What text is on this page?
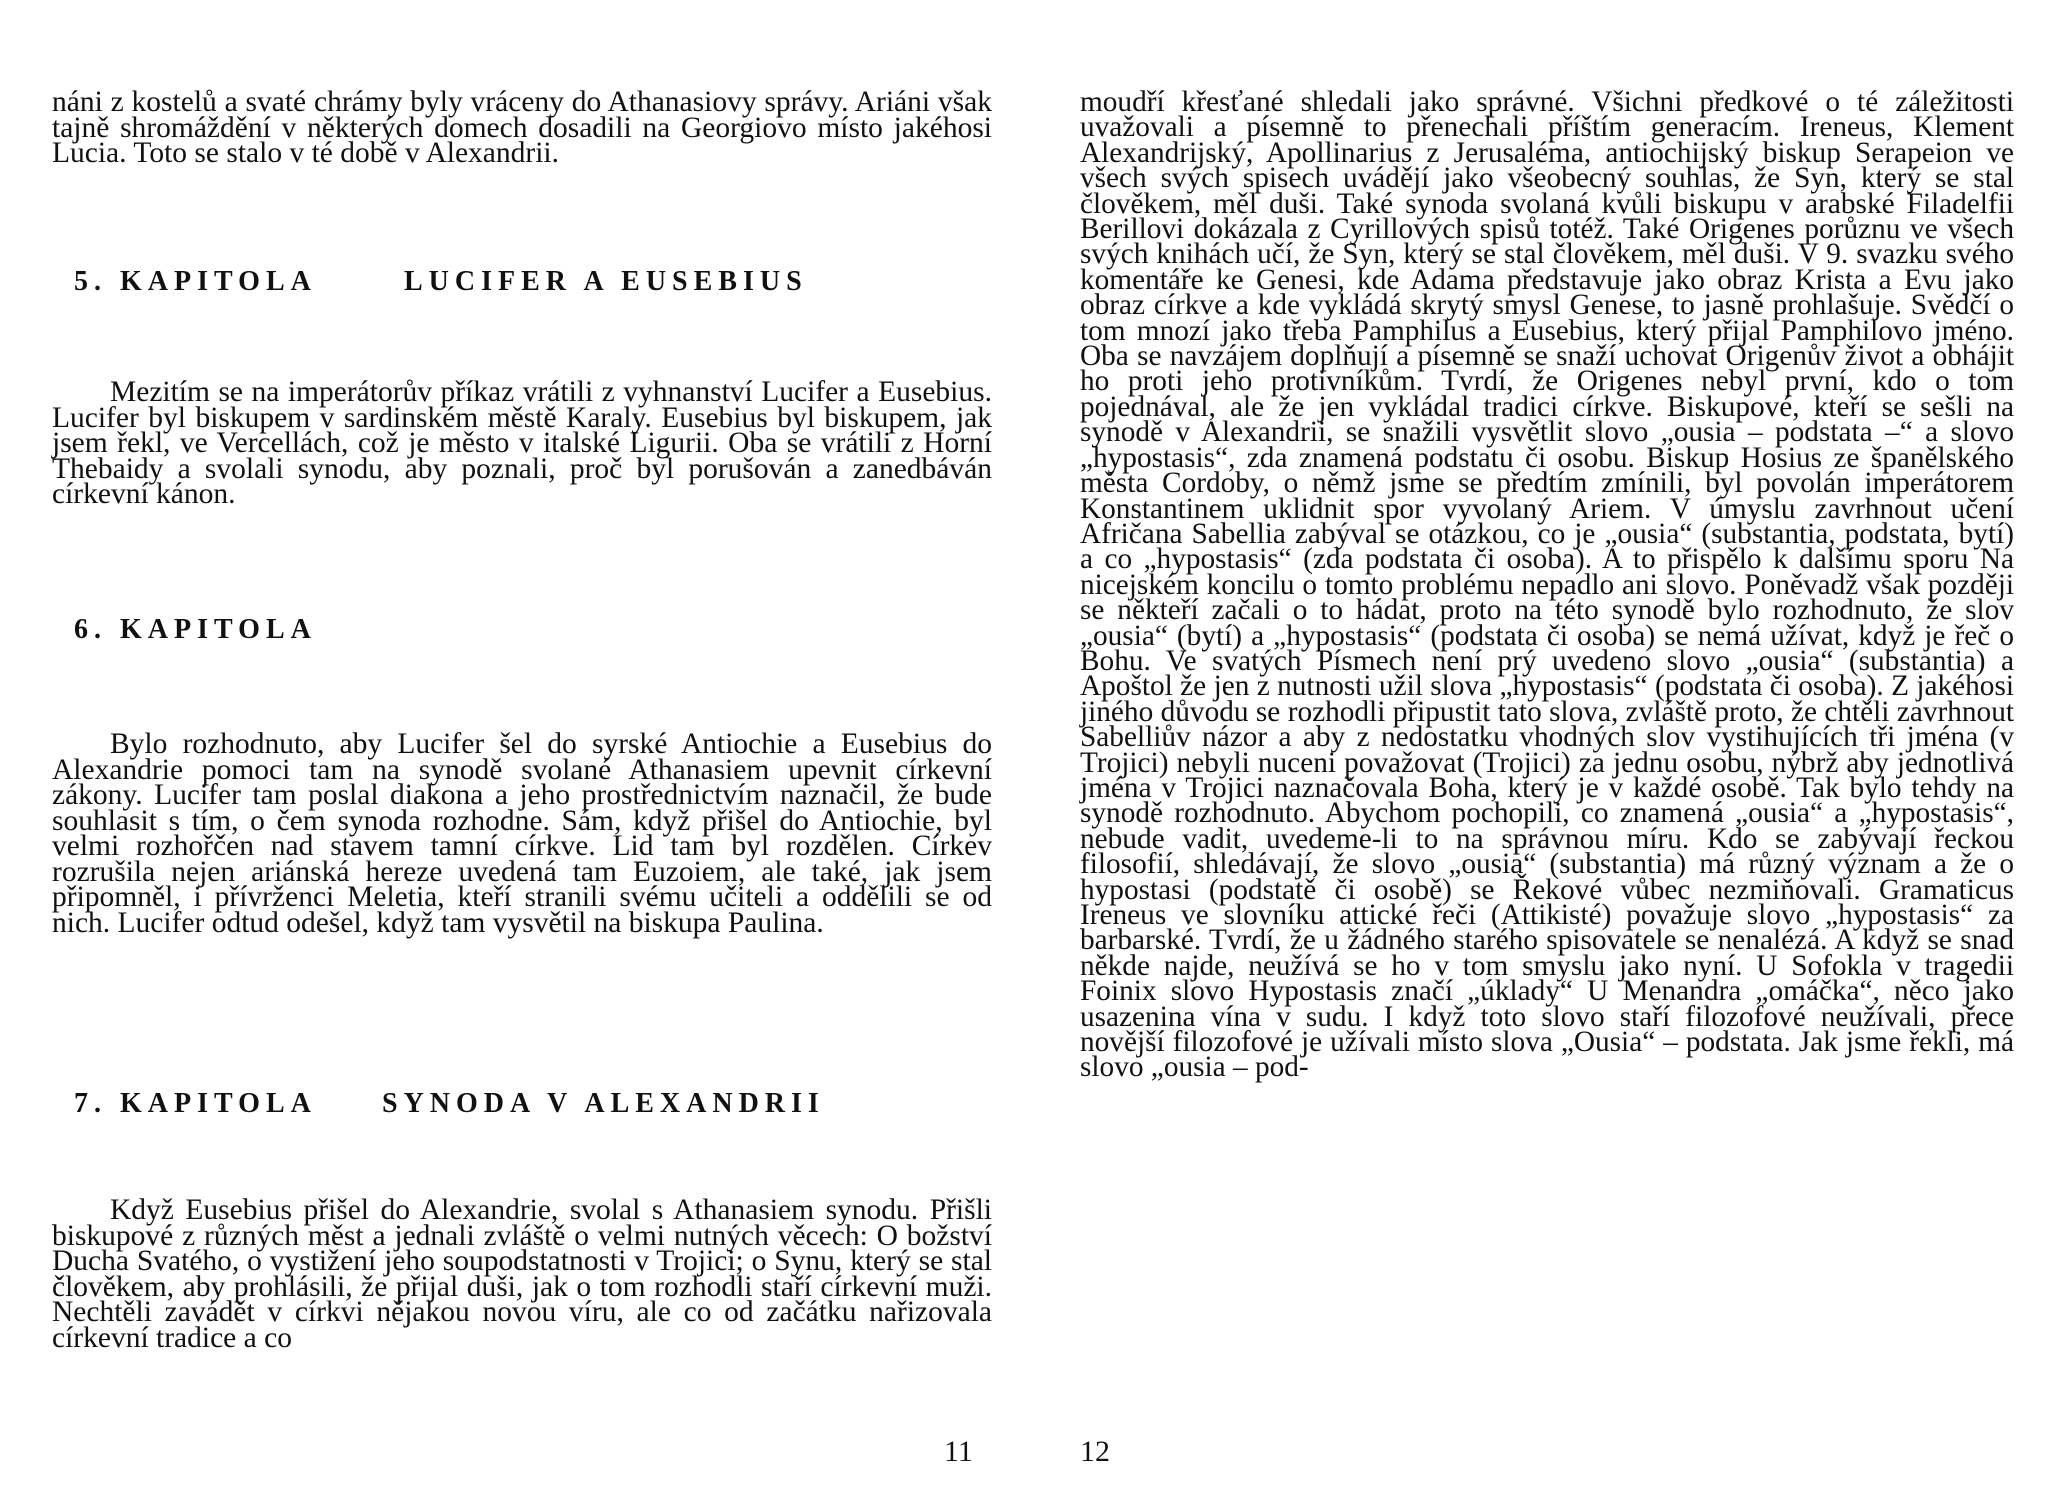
náni z kostelů a svaté chrámy byly vráceny do Athanasiovy správy. Ariáni však tajně shromáždění v některých domech dosadili na Georgiovo místo jakéhosi Lucia. Toto se stalo v té době v Alexandrii.

5. KAPITOLA	LUCIFER A EUSEBIUS

Mezitím se na imperátorův příkaz vrátili z vyhnanství Lucifer a Eusebius. Lucifer byl biskupem v sardinském městě Karaly. Eusebius byl biskupem, jak jsem řekl, ve Vercellách, což je město v italské Ligurii. Oba se vrátili z Horní Thebaidy a svolali synodu, aby poznali, proč byl porušován a zanedbáván církevní kánon.

6. KAPITOLA

Bylo rozhodnuto, aby Lucifer šel do syrské Antiochie a Eusebius do Alexandrie pomoci tam na synodě svolané Athanasiem upevnit církevní zákony. Lucifer tam poslal diakona a jeho prostřednictvím naznačil, že bude souhlasit s tím, o čem synoda rozhodne. Sám, když přišel do Antiochie, byl velmi rozhořčen nad stavem tamní církve. Lid tam byl rozdělen. Církev rozrušila nejen ariánská hereze uvedená tam Euzoiem, ale také, jak jsem připomněl, i přívrženci Meletia, kteří stranili svému učiteli a oddělili se od nich. Lucifer odtud odešel, když tam vysvětil na biskupa Paulina.

7. KAPITOLA SYNODA V ALEXANDRII

Když Eusebius přišel do Alexandrie, svolal s Athanasiem synodu. Přišli biskupové z různých měst a jednali zvláště o velmi nutných věcech: O božství Ducha Svatého, o vystižení jeho soupodstatnosti v Trojici; o Synu, který se stal člověkem, aby prohlásili, že přijal duši, jak o tom rozhodli staří církevní muži. Nechtěli zavádět v církvi nějakou novou víru, ale co od začátku nařizovala církevní tradice a co

11

moudří křesťané shledali jako správné. Všichni předkové o té záležitosti uvažovali a písemně to přenechali příštím generacím. Ireneus, Klement Alexandrijský, Apollinarius z Jerusaléma, antiochijský biskup Serapeion ve všech svých spisech uvádějí jako všeobecný souhlas, že Syn, který se stal člověkem, měl duši. Také synoda svolaná kvůli biskupu v arabské Filadelfii Berillovi dokázala z Cyrillových spisů totéž. Také Origenes porůznu ve všech svých knihách učí, že Syn, který se stal člověkem, měl duši. V 9. svazku svého komentáře ke Genesi, kde Adama představuje jako obraz Krista a Evu jako obraz církve a kde vykládá skrytý smysl Genese, to jasně prohlašuje. Svědčí o tom mnozí jako třeba Pamphilus a Eusebius, který přijal Pamphilovo jméno. Oba se navzájem doplňují a písemně se snaží uchovat Origenův život a obhájit ho proti jeho protivníkům. Tvrdí, že Origenes nebyl první, kdo o tom pojednával, ale že jen vykládal tradici církve. Biskupové, kteří se sešli na synodě v Alexandrii, se snažili vysvětlit slovo „ousia – podstata –“ a slovo „hypostasis“, zda znamená podstatu či osobu. Biskup Hosius ze španělského města Cordoby, o němž jsme se předtím zmínili, byl povolán imperátorem Konstantinem uklidnit spor vyvolaný Ariem. V úmyslu zavrhnout učení Afričana Sabellia zabýval se otázkou, co je „ousia“ (substantia, podstata, bytí) a co „hypostasis“ (zda podstata či osoba). A to přispělo k dalšímu sporu Na nicejském koncilu o tomto problému nepadlo ani slovo. Poněvadž však později se někteří začali o to hádat, proto na této synodě bylo rozhodnuto, že slov „ousia“ (bytí) a „hypostasis“ (podstata či osoba) se nemá užívat, když je řeč o Bohu. Ve svatých Písmech není prý uvedeno slovo „ousia“ (substantia) a Apoštol že jen z nutnosti užil slova „hypostasis“ (podstata či osoba). Z jakéhosi jiného důvodu se rozhodli připustit tato slova, zvláště proto, že chtěli zavrhnout Sabelliův názor a aby z nedostatku vhodných slov vystihujících tři jména (v Trojici) nebyli nuceni považovat (Trojici) za jednu osobu, nýbrž aby jednotlivá jména v Trojici naznačovala Boha, který je v každé osobě. Tak bylo tehdy na synodě rozhodnuto. Abychom pochopili, co znamená „ousia“ a „hypostasis“, nebude vadit, uvedeme-li to na správnou míru. Kdo se zabývají řeckou filosofií, shledávají, že slovo „ousia“ (substantia) má různý význam a že o hypostasi (podstatě či osobě) se Řekové vůbec nezmiňovali. Gramaticus Ireneus ve slovníku attické řeči (Attikisté) považuje slovo „hypostasis“ za barbarské. Tvrdí, že u žádného starého spisovatele se nenalézá. A když se snad někde najde, neužívá se ho v tom smyslu jako nyní. U Sofokla v tragedii Foinix slovo Hypostasis značí „úklady“ U Menandra „omáčka“, něco jako usazenina vína v sudu. I když toto slovo staří filozofové neužívali, přece novější filozofové je užívali místo slova „Ousia“ – podstata. Jak jsme řekli, má slovo „ousia – pod-

12
